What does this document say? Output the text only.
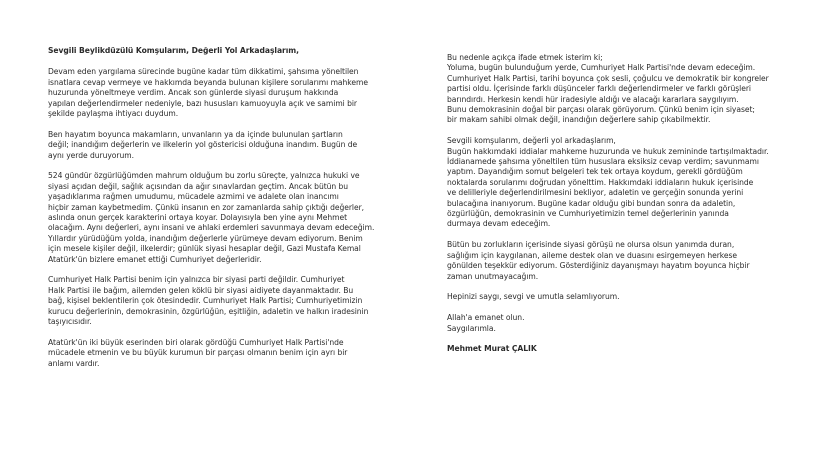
Sevgili Beylikdüzülü Komşularım, Değerli Yol Arkadaşlarım,
Devam eden yargılama sürecinde bugüne kadar tüm dikkatimi, şahsıma yöneltilen
isnatlara cevap vermeye ve hakkımda beyanda bulunan kişilere sorularımı mahkeme
huzurunda yöneltmeye verdim. Ancak son günlerde siyasi duruşum hakkında
yapılan değerlendirmeler nedeniyle, bazı hususları kamuoyuyla açık ve samimi bir
şekilde paylaşma ihtiyacı duydum.
Ben hayatım boyunca makamların, unvanların ya da içinde bulunulan şartların
değil; inandığım değerlerin ve ilkelerin yol göstericisi olduğuna inandım. Bugün de
aynı yerde duruyorum.
524 gündür özgürlüğümden mahrum olduğum bu zorlu süreçte, yalnızca hukuki ve
siyasi açıdan değil, sağlık açısından da ağır sınavlardan geçtim. Ancak bütün bu
yaşadıklarıma rağmen umudumu, mücadele azmimi ve adalete olan inancımı
hiçbir zaman kaybetmedim. Çünkü insanın en zor zamanlarda sahip çıktığı değerler,
aslında onun gerçek karakterini ortaya koyar. Dolayısıyla ben yine aynı Mehmet
olacağım. Aynı değerleri, aynı insani ve ahlaki erdemleri savunmaya devam edeceğim.
Yıllardır yürüdüğüm yolda, inandığım değerlerle yürümeye devam ediyorum. Benim
için mesele kişiler değil, ilkelerdir; günlük siyasi hesaplar değil, Gazi Mustafa Kemal
Atatürk'ün bizlere emanet ettiği Cumhuriyet değerleridir.
Cumhuriyet Halk Partisi benim için yalnızca bir siyasi parti değildir. Cumhuriyet
Halk Partisi ile bağım, ailemden gelen köklü bir siyasi aidiyete dayanmaktadır. Bu
bağ, kişisel beklentilerin çok ötesindedir. Cumhuriyet Halk Partisi; Cumhuriyetimizin
kurucu değerlerinin, demokrasinin, özgürlüğün, eşitliğin, adaletin ve halkın iradesinin
taşıyıcısıdır.
Atatürk'ün iki büyük eserinden biri olarak gördüğü Cumhuriyet Halk Partisi'nde
mücadele etmenin ve bu büyük kurumun bir parçası olmanın benim için ayrı bir
anlamı vardır.
Bu nedenle açıkça ifade etmek isterim ki;
Yoluma, bugün bulunduğum yerde, Cumhuriyet Halk Partisi'nde devam edeceğim.
Cumhuriyet Halk Partisi, tarihi boyunca çok sesli, çoğulcu ve demokratik bir kongreler
partisi oldu. İçerisinde farklı düşünceler farklı değerlendirmeler ve farklı görüşleri
barındırdı. Herkesin kendi hür iradesiyle aldığı ve alacağı kararlara saygılıyım.
Bunu demokrasinin doğal bir parçası olarak görüyorum. Çünkü benim için siyaset;
bir makam sahibi olmak değil, inandığın değerlere sahip çıkabilmektir.
Sevgili komşularım, değerli yol arkadaşlarım,
Bugün hakkımdaki iddialar mahkeme huzurunda ve hukuk zemininde tartışılmaktadır.
İddianamede şahsıma yöneltilen tüm hususlara eksiksiz cevap verdim; savunmamı
yaptım. Dayandığım somut belgeleri tek tek ortaya koydum, gerekli gördüğüm
noktalarda sorularımı doğrudan yönelttim. Hakkımdaki iddiaların hukuk içerisinde
ve delilleriyle değerlendirilmesini bekliyor, adaletin ve gerçeğin sonunda yerini
bulacağına inanıyorum. Bugüne kadar olduğu gibi bundan sonra da adaletin,
özgürlüğün, demokrasinin ve Cumhuriyetimizin temel değerlerinin yanında
durmaya devam edeceğim.
Bütün bu zorlukların içerisinde siyasi görüşü ne olursa olsun yanımda duran,
sağlığım için kaygılanan, aileme destek olan ve duasını esirgemeyen herkese
gönülden teşekkür ediyorum. Gösterdiğiniz dayanışmayı hayatım boyunca hiçbir
zaman unutmayacağım.
Hepinizi saygı, sevgi ve umutla selamlıyorum.
Allah'a emanet olun.
Saygılarımla.
Mehmet Murat ÇALIK
